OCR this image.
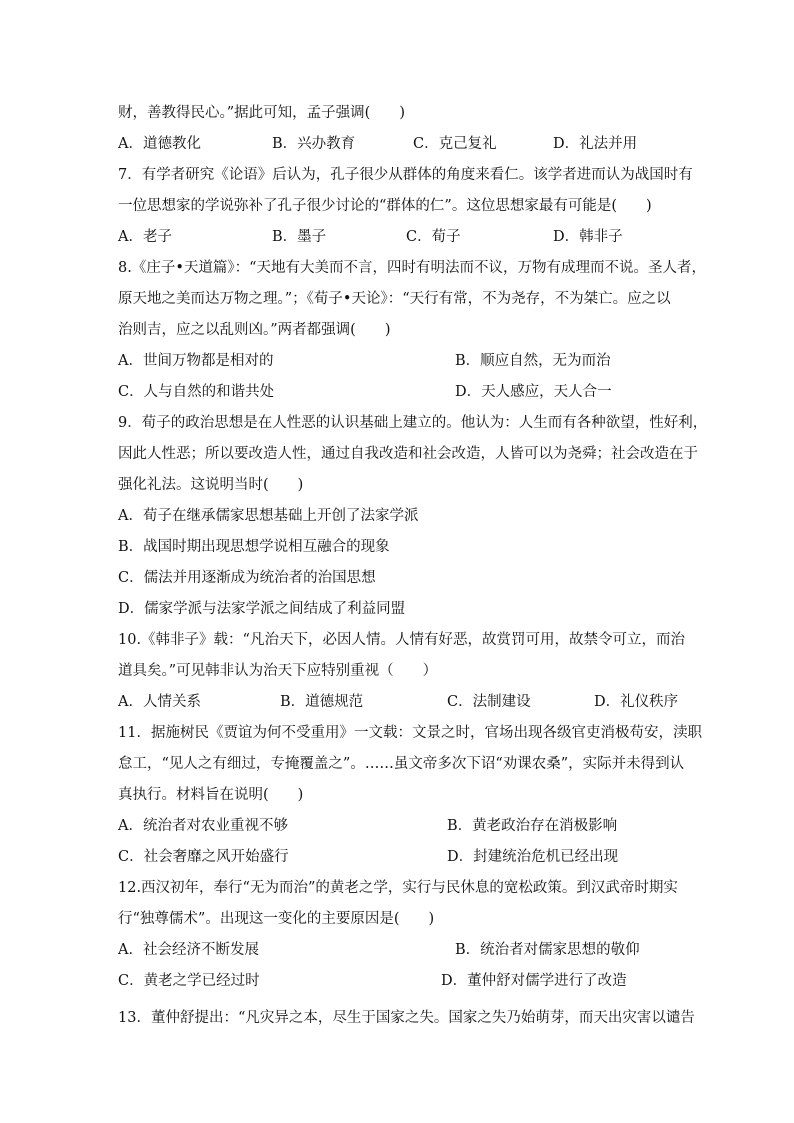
财，善教得民心。”据此可知，孟子强调(　　)
A．道德教化	B．兴办教育	C．克己复礼	D．礼法并用
7．有学者研究《论语》后认为，孔子很少从群体的角度来看仁。该学者进而认为战国时有
一位思想家的学说弥补了孔子很少讨论的“群体的仁”。这位思想家最有可能是(　　)
A．老子	B．墨子	C．荀子	D．韩非子
8.《庄子•天道篇》：“天地有大美而不言，四时有明法而不议，万物有成理而不说。圣人者，
原天地之美而达万物之理。”；《荀子•天论》：“天行有常，不为尧存，不为桀亡。应之以
治则吉，应之以乱则凶。”两者都强调(　　)
A．世间万物都是相对的	B．顺应自然，无为而治
C．人与自然的和谐共处	D．天人感应，天人合一
9．荀子的政治思想是在人性恶的认识基础上建立的。他认为：人生而有各种欲望，性好利，
因此人性恶；所以要改造人性，通过自我改造和社会改造，人皆可以为尧舜；社会改造在于
强化礼法。这说明当时(　　)
A．荀子在继承儒家思想基础上开创了法家学派
B．战国时期出现思想学说相互融合的现象
C．儒法并用逐渐成为统治者的治国思想
D．儒家学派与法家学派之间结成了利益同盟
10.《韩非子》载：“凡治天下，必因人情。人情有好恶，故赏罚可用，故禁令可立，而治
道具矣。”可见韩非认为治天下应特别重视（　　）
A．人情关系	B．道德规范	C．法制建设	D．礼仪秩序
11．据施树民《贾谊为何不受重用》一文载：文景之时，官场出现各级官吏消极苟安，渎职
怠工，“见人之有细过，专掩覆盖之”。……虽文帝多次下诏“劝课农桑”，实际并未得到认
真执行。材料旨在说明(　　)
A．统治者对农业重视不够	B．黄老政治存在消极影响
C．社会奢靡之风开始盛行	D．封建统治危机已经出现
12.西汉初年，奉行“无为而治”的黄老之学，实行与民休息的宽松政策。到汉武帝时期实
行“独尊儒术”。出现这一变化的主要原因是(　　)
A．社会经济不断发展	B．统治者对儒家思想的敬仰
C．黄老之学已经过时	D．董仲舒对儒学进行了改造
13．董仲舒提出：“凡灾异之本，尽生于国家之失。国家之失乃始萌芽，而天出灾害以谴告
